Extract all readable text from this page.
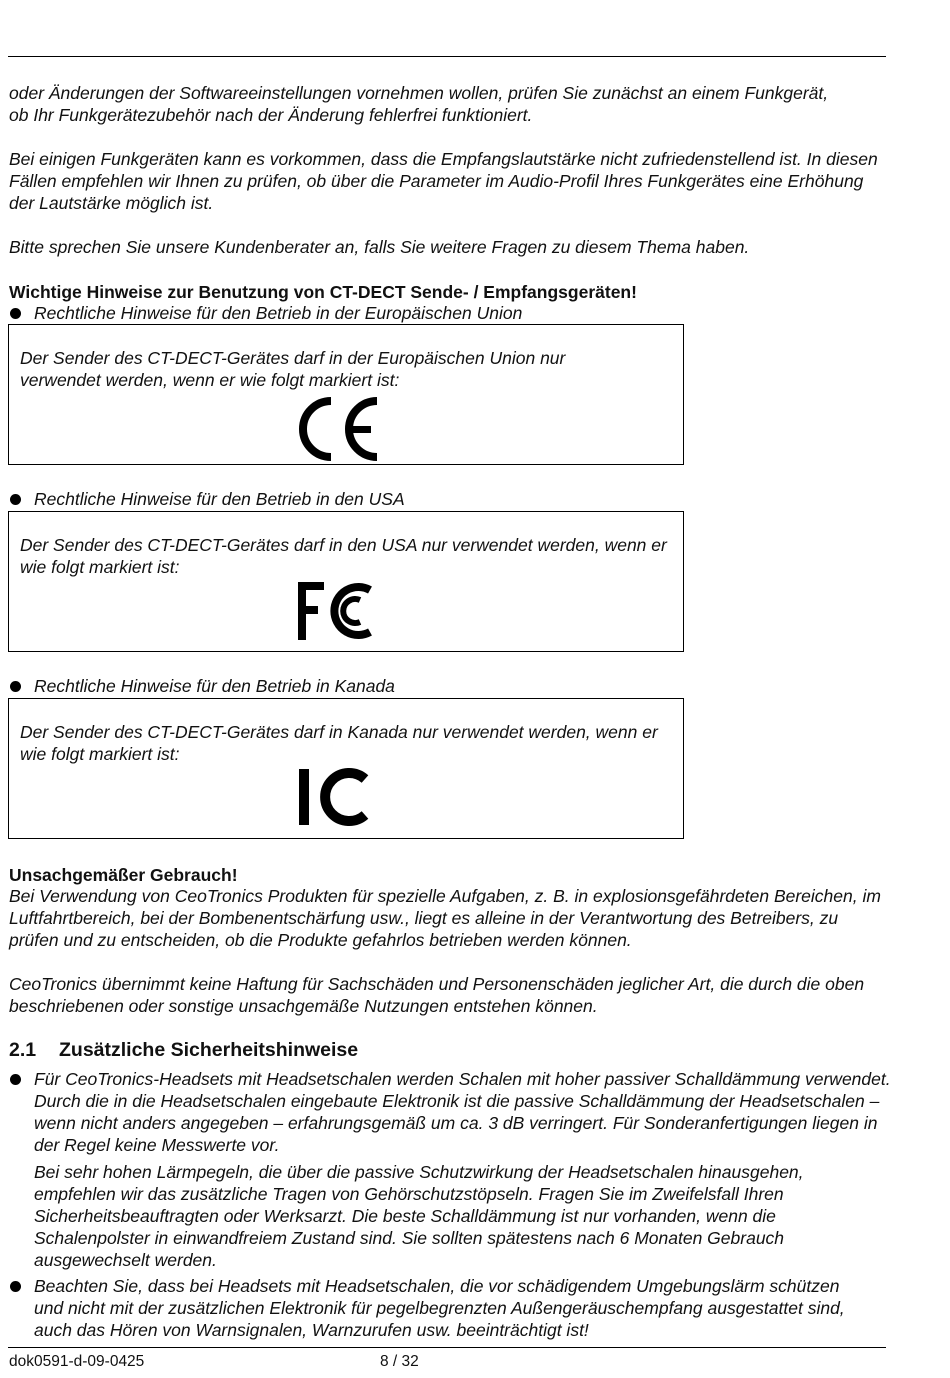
oder Änderungen der Softwareeinstellungen vornehmen wollen, prüfen Sie zunächst an einem Funkgerät, ob Ihr Funkgerätezubehör nach der Änderung fehlerfrei funktioniert.

Bei einigen Funkgeräten kann es vorkommen, dass die Empfangslautstärke nicht zufriedenstellend ist. In diesen Fällen empfehlen wir Ihnen zu prüfen, ob über die Parameter im Audio-Profil Ihres Funkgerätes eine Erhöhung der Lautstärke möglich ist.

Bitte sprechen Sie unsere Kundenberater an, falls Sie weitere Fragen zu diesem Thema haben.

Wichtige Hinweise zur Benutzung von CT-DECT Sende- / Empfangsgeräten!

Rechtliche Hinweise für den Betrieb in der Europäischen Union

Der Sender des CT-DECT-Gerätes darf in der Europäischen Union nur verwendet werden, wenn er wie folgt markiert ist:

Rechtliche Hinweise für den Betrieb in den USA

Der Sender des CT-DECT-Gerätes darf in den USA nur verwendet werden, wenn er wie folgt markiert ist:

Rechtliche Hinweise für den Betrieb in Kanada

Der Sender des CT-DECT-Gerätes darf in Kanada nur verwendet werden, wenn er wie folgt markiert ist:

Unsachgemäßer Gebrauch!

Bei Verwendung von CeoTronics Produkten für spezielle Aufgaben, z. B. in explosionsgefährdeten Bereichen, im Luftfahrtbereich, bei der Bombenentschärfung usw., liegt es alleine in der Verantwortung des Betreibers, zu prüfen und zu entscheiden, ob die Produkte gefahrlos betrieben werden können.

CeoTronics übernimmt keine Haftung für Sachschäden und Personenschäden jeglicher Art, die durch die oben beschriebenen oder sonstige unsachgemäße Nutzungen entstehen können.

2.1 Zusätzliche Sicherheitshinweise

Für CeoTronics-Headsets mit Headsetschalen werden Schalen mit hoher passiver Schalldämmung verwendet. Durch die in die Headsetschalen eingebaute Elektronik ist die passive Schalldämmung der Headsetschalen – wenn nicht anders angegeben – erfahrungsgemäß um ca. 3 dB verringert. Für Sonderanfertigungen liegen in der Regel keine Messwerte vor.

Bei sehr hohen Lärmpegeln, die über die passive Schutzwirkung der Headsetschalen hinausgehen, empfehlen wir das zusätzliche Tragen von Gehörschutzstöpseln. Fragen Sie im Zweifelsfall Ihren Sicherheitsbeauftragten oder Werksarzt. Die beste Schalldämmung ist nur vorhanden, wenn die Schalenpolster in einwandfreiem Zustand sind. Sie sollten spätestens nach 6 Monaten Gebrauch ausgewechselt werden.

Beachten Sie, dass bei Headsets mit Headsetschalen, die vor schädigendem Umgebungslärm schützen und nicht mit der zusätzlichen Elektronik für pegelbegrenzten Außengeräuschempfang ausgestattet sind, auch das Hören von Warnsignalen, Warnzurufen usw. beeinträchtigt ist!

dok0591-d-09-0425	8 / 32
